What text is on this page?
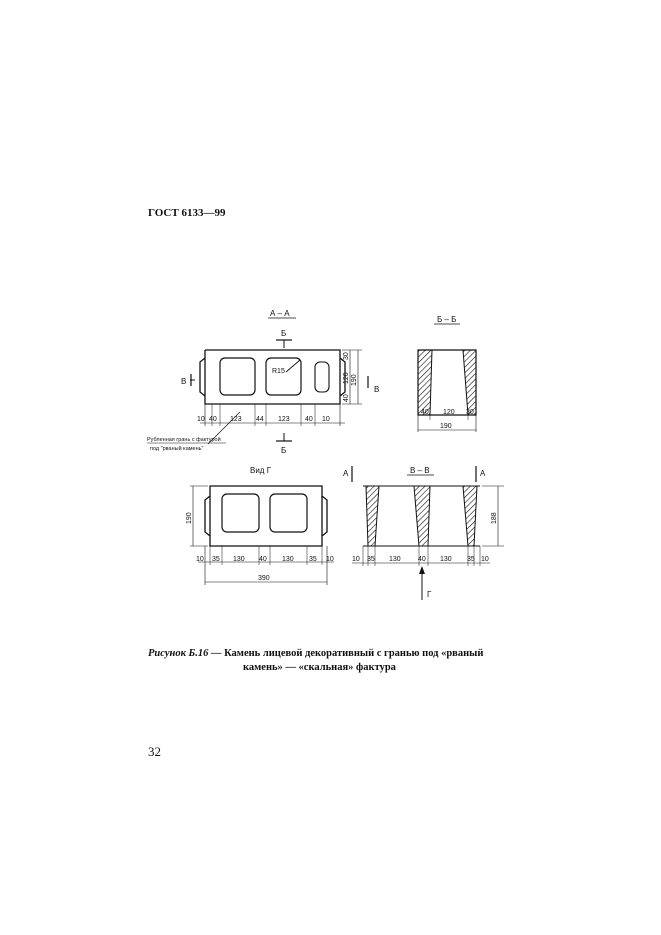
ГОСТ 6133—99
А – А
Б
R15
В
В
30
120
40
190
10 40 123 44 123 40 10
Рубленная грань с фактурой
под "рваный камень"	Б
Б – Б
40 120 30
190
Вид Г
190
10 35 130 40 130 35 10
390
В – В
А	А
188
10 35 130 40 130 35 10
Г
Рисунок Б.16 — Камень лицевой декоративный с гранью под «рваный
камень» — «скальная» фактура
32
